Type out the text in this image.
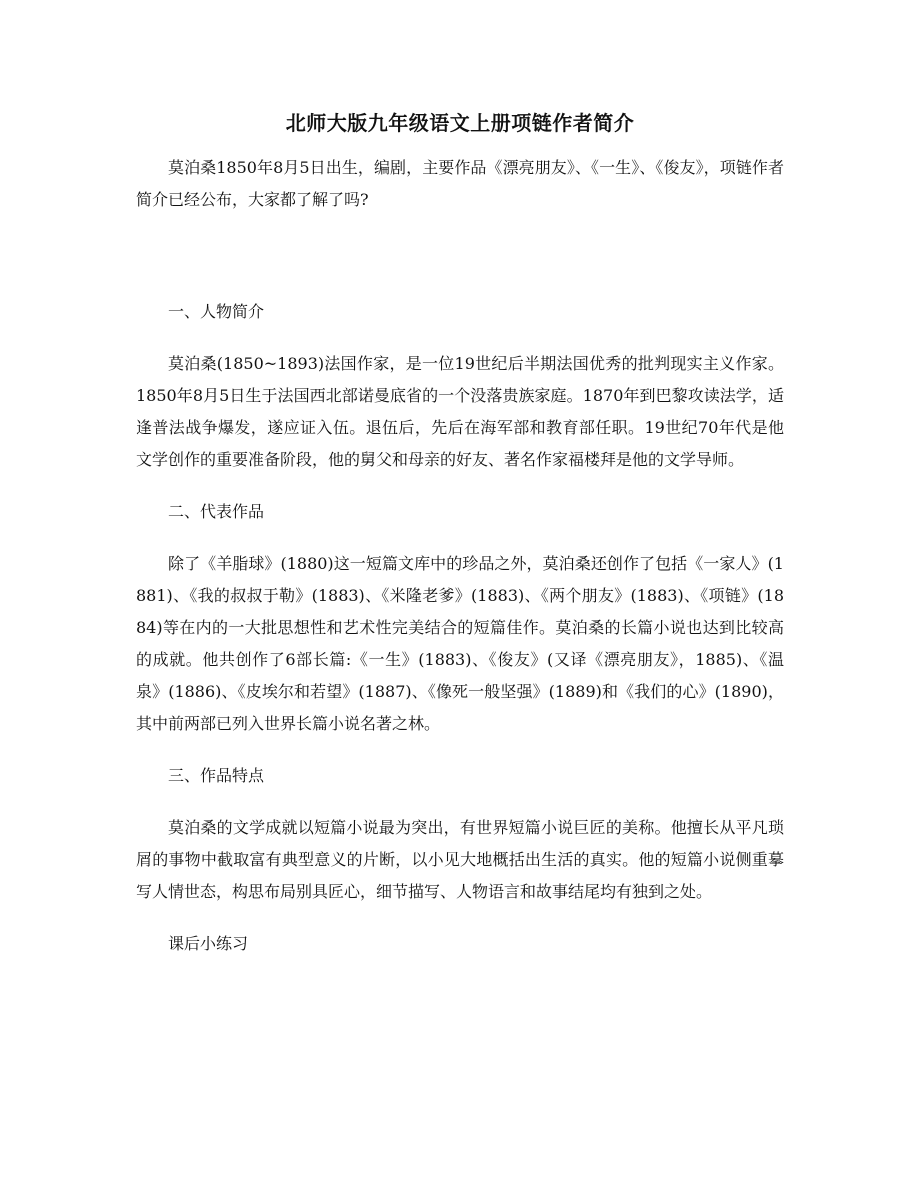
北师大版九年级语文上册项链作者简介

莫泊桑1850年8月5日出生，编剧，主要作品《漂亮朋友》、《一生》、《俊友》，项链作者简介已经公布，大家都了解了吗?

一、人物简介

莫泊桑(1850~1893)法国作家，是一位19世纪后半期法国优秀的批判现实主义作家。1850年8月5日生于法国西北部诺曼底省的一个没落贵族家庭。1870年到巴黎攻读法学，适逢普法战争爆发，遂应证入伍。退伍后，先后在海军部和教育部任职。19世纪70年代是他文学创作的重要准备阶段，他的舅父和母亲的好友、著名作家福楼拜是他的文学导师。

二、代表作品

除了《羊脂球》(1880)这一短篇文库中的珍品之外，莫泊桑还创作了包括《一家人》(1881)、《我的叔叔于勒》(1883)、《米隆老爹》(1883)、《两个朋友》(1883)、《项链》(1884)等在内的一大批思想性和艺术性完美结合的短篇佳作。莫泊桑的长篇小说也达到比较高的成就。他共创作了6部长篇:《一生》(1883)、《俊友》(又译《漂亮朋友》，1885)、《温泉》(1886)、《皮埃尔和若望》(1887)、《像死一般坚强》(1889)和《我们的心》(1890)，其中前两部已列入世界长篇小说名著之林。

三、作品特点

莫泊桑的文学成就以短篇小说最为突出，有世界短篇小说巨匠的美称。他擅长从平凡琐屑的事物中截取富有典型意义的片断，以小见大地概括出生活的真实。他的短篇小说侧重摹写人情世态，构思布局别具匠心，细节描写、人物语言和故事结尾均有独到之处。

课后小练习
